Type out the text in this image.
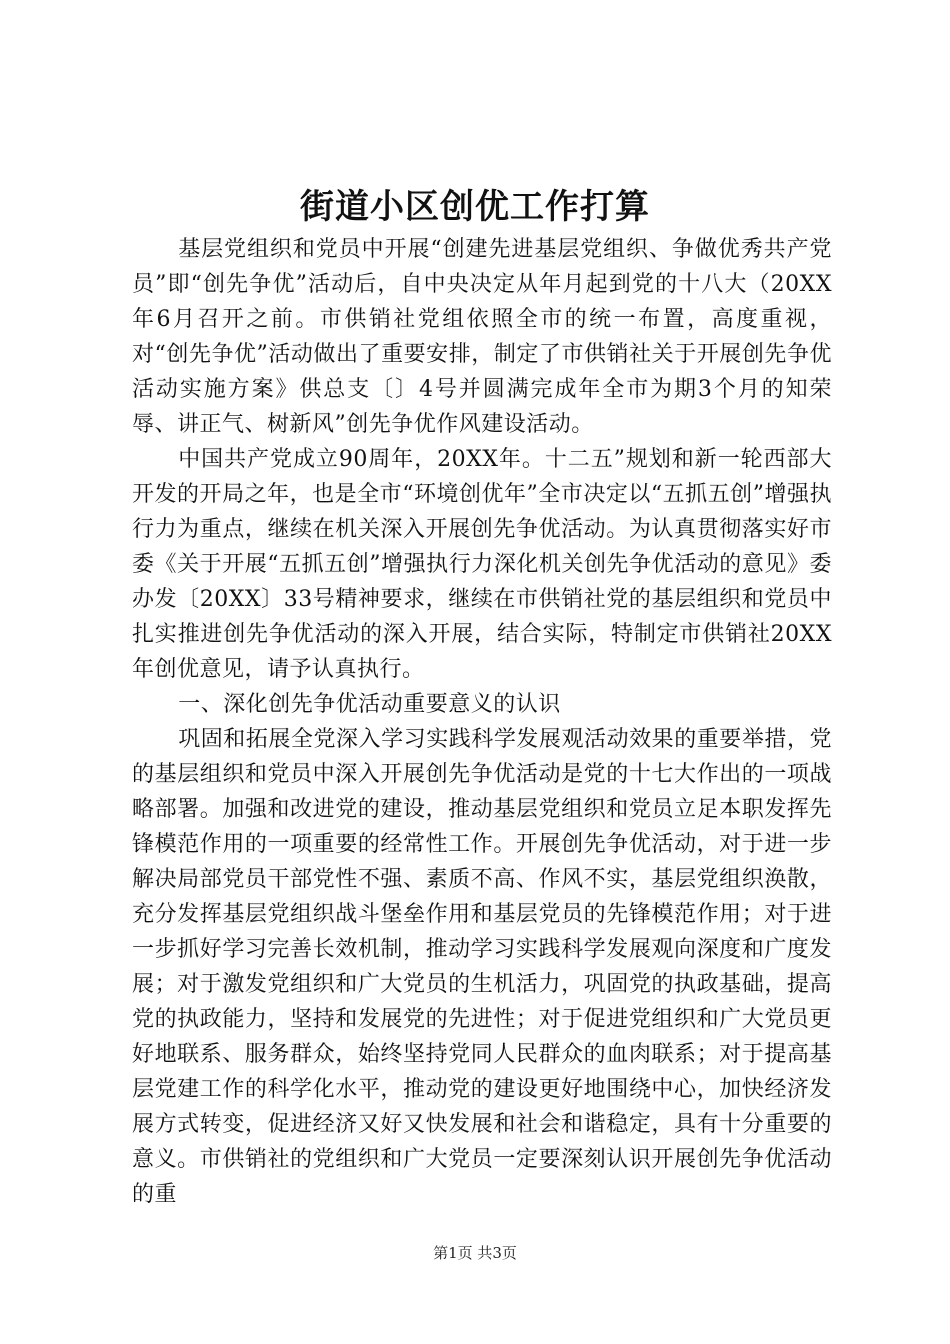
街道小区创优工作打算

基层党组织和党员中开展“创建先进基层党组织、争做优秀共产党员”即“创先争优”活动后，自中央决定从年月起到党的十八大（20XX年6月召开之前。市供销社党组依照全市的统一布置，高度重视，对“创先争优”活动做出了重要安排，制定了市供销社关于开展创先争优活动实施方案》供总支〔〕4号并圆满完成年全市为期3个月的知荣辱、讲正气、树新风”创先争优作风建设活动。

中国共产党成立90周年，20XX年。十二五”规划和新一轮西部大开发的开局之年，也是全市“环境创优年”全市决定以“五抓五创”增强执行力为重点，继续在机关深入开展创先争优活动。为认真贯彻落实好市委《关于开展“五抓五创”增强执行力深化机关创先争优活动的意见》委办发〔20XX〕33号精神要求，继续在市供销社党的基层组织和党员中扎实推进创先争优活动的深入开展，结合实际，特制定市供销社20XX年创优意见，请予认真执行。

一、深化创先争优活动重要意义的认识

巩固和拓展全党深入学习实践科学发展观活动效果的重要举措，党的基层组织和党员中深入开展创先争优活动是党的十七大作出的一项战略部署。加强和改进党的建设，推动基层党组织和党员立足本职发挥先锋模范作用的一项重要的经常性工作。开展创先争优活动，对于进一步解决局部党员干部党性不强、素质不高、作风不实，基层党组织涣散，充分发挥基层党组织战斗堡垒作用和基层党员的先锋模范作用；对于进一步抓好学习完善长效机制，推动学习实践科学发展观向深度和广度发展；对于激发党组织和广大党员的生机活力，巩固党的执政基础，提高党的执政能力，坚持和发展党的先进性；对于促进党组织和广大党员更好地联系、服务群众，始终坚持党同人民群众的血肉联系；对于提高基层党建工作的科学化水平，推动党的建设更好地围绕中心，加快经济发展方式转变，促进经济又好又快发展和社会和谐稳定，具有十分重要的意义。市供销社的党组织和广大党员一定要深刻认识开展创先争优活动的重

第1页 共3页
